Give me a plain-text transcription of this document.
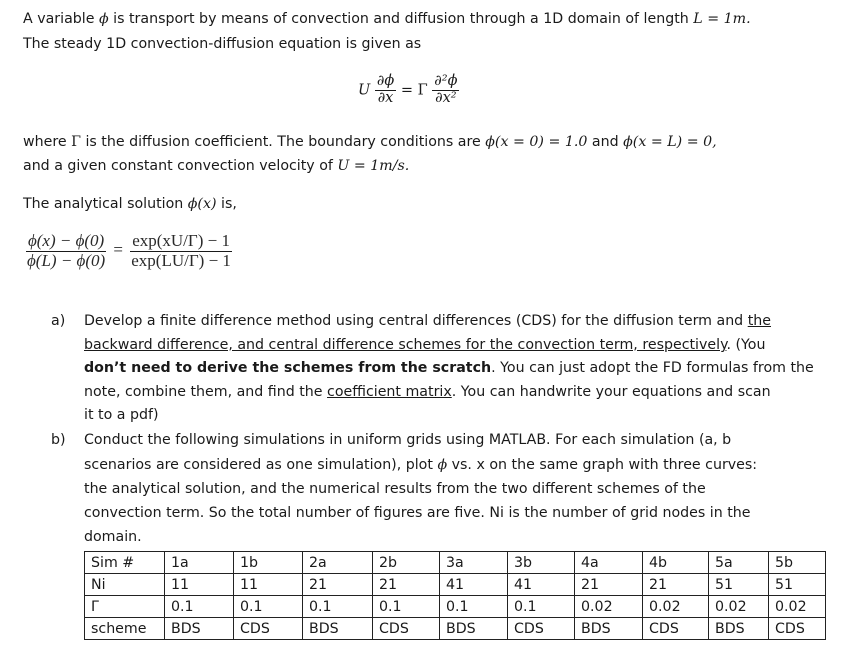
A variable ϕ is transport by means of convection and diffusion through a 1D domain of length L = 1m.
The steady 1D convection-diffusion equation is given as
U $\frac{\partial\phi}{\partial x} = \Gamma \frac{\text{∂²ϕ}}{\text{∂x²}}$
where Γ is the diffusion coefficient. The boundary conditions are ϕ(x = 0) = 1.0 and ϕ(x = L) = 0,
and a given constant convection velocity of U = 1m/s.
The analytical solution ϕ(x) is,
$\frac{\phi(x) - \phi(0)}{\phi(L) - \phi(0)} = \frac{\exp(xU/\Gamma) - 1}{\exp(LU/\Gamma) - 1}$
a) Develop a finite difference method using central differences (CDS) for the diffusion term and the
backward difference, and central difference schemes for the convection term, respectively. (You
don’t need to derive the schemes from the scratch. You can just adopt the FD formulas from the
note, combine them, and find the coefficient matrix. You can handwrite your equations and scan
it to a pdf)
b) Conduct the following simulations in uniform grids using MATLAB. For each simulation (a, b
scenarios are considered as one simulation), plot ϕ vs. x on the same graph with three curves:
the analytical solution, and the numerical results from the two different schemes of the
convection term. So the total number of figures are five. Ni is the number of grid nodes in the
domain.
Sim #	1a	1b	2a	2b	3a	3b	4a	4b	5a	5b
Ni	11	11	21	21	41	41	21	21	51	51
Γ	0.1	0.1	0.1	0.1	0.1	0.1	0.02	0.02	0.02	0.02
scheme	BDS	CDS	BDS	CDS	BDS	CDS	BDS	CDS	BDS	CDS
